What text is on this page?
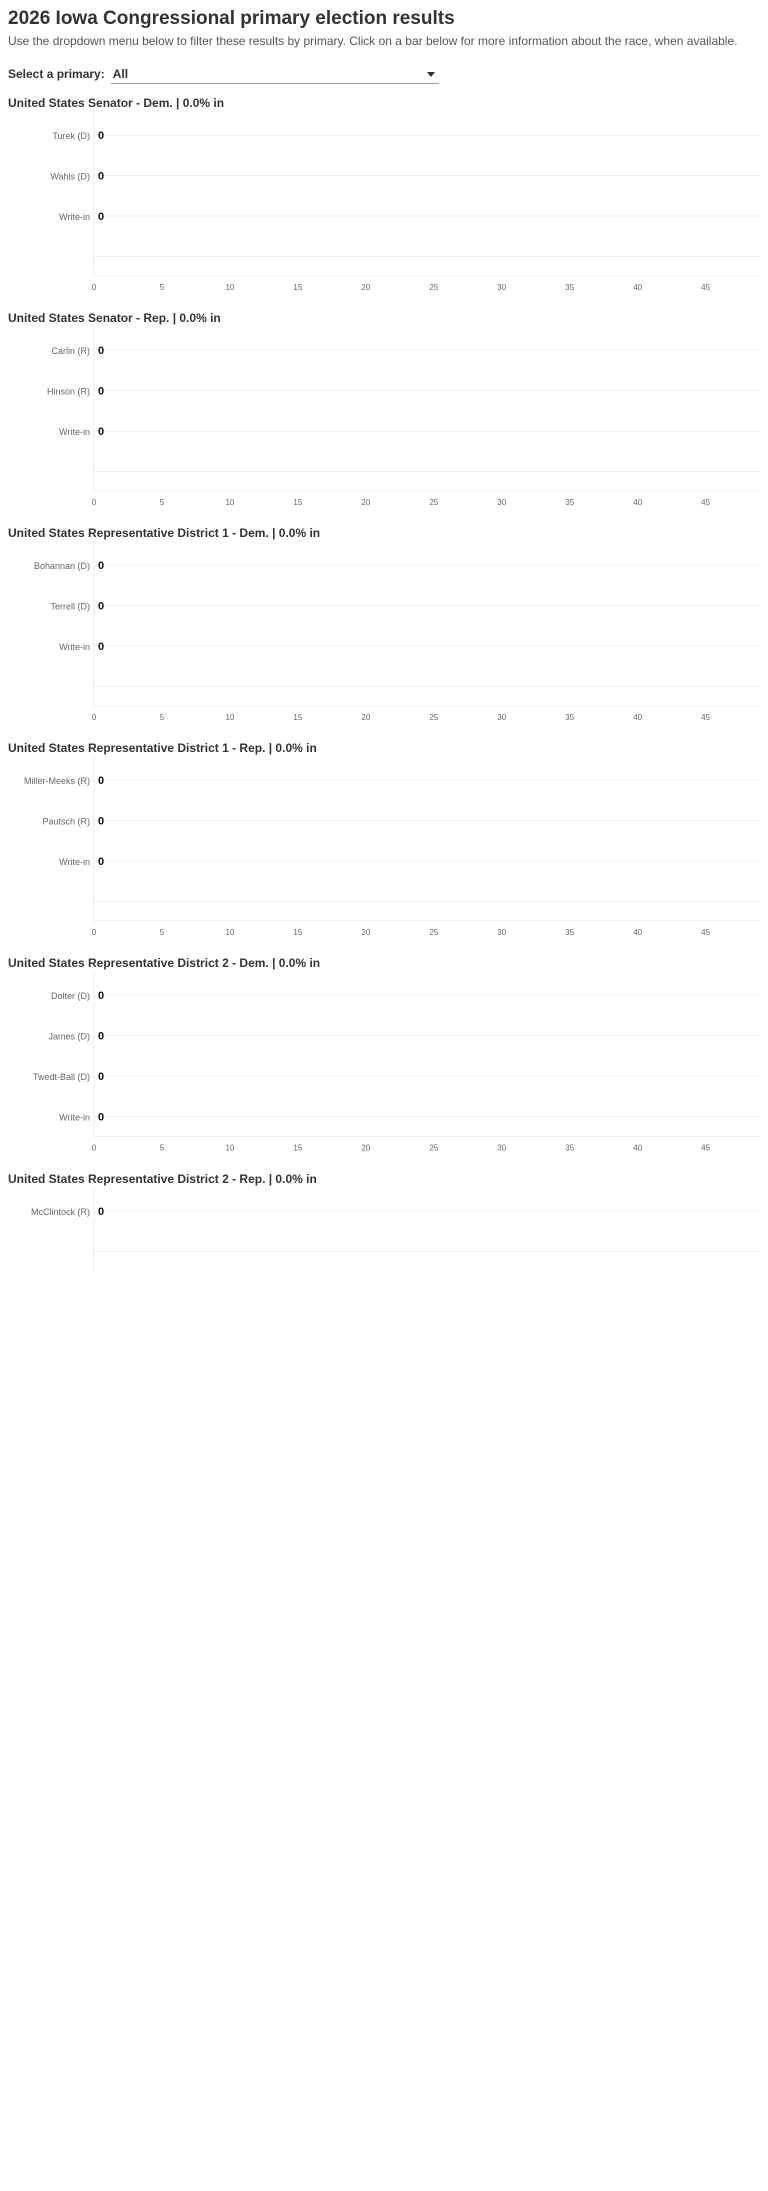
2026 Iowa Congressional primary election results
Use the dropdown menu below to filter these results by primary. Click on a bar below for more information about the race, when available.
Select a primary: All
United States Senator - Dem. | 0.0% in
Turek (D) 0
Wahls (D) 0
Write-in 0
0	5	10	15	20	25	30	35	40	45
United States Senator - Rep. | 0.0% in
Carlin (R) 0
Hinson (R) 0
Write-in 0
0	5	10	15	20	25	30	35	40	45
United States Representative District 1 - Dem. | 0.0% in
Bohannan (D) 0
Terrell (D) 0
Write-in 0
0	5	10	15	20	25	30	35	40	45
United States Representative District 1 - Rep. | 0.0% in
Miller-Meeks (R) 0
Pautsch (R) 0
Write-in 0
0	5	10	15	20	25	30	35	40	45
United States Representative District 2 - Dem. | 0.0% in
Dolter (D) 0
James (D) 0
Twedt-Ball (D) 0
Write-in 0
0	5	10	15	20	25	30	35	40	45
United States Representative District 2 - Rep. | 0.0% in
McClintock (R) 0
